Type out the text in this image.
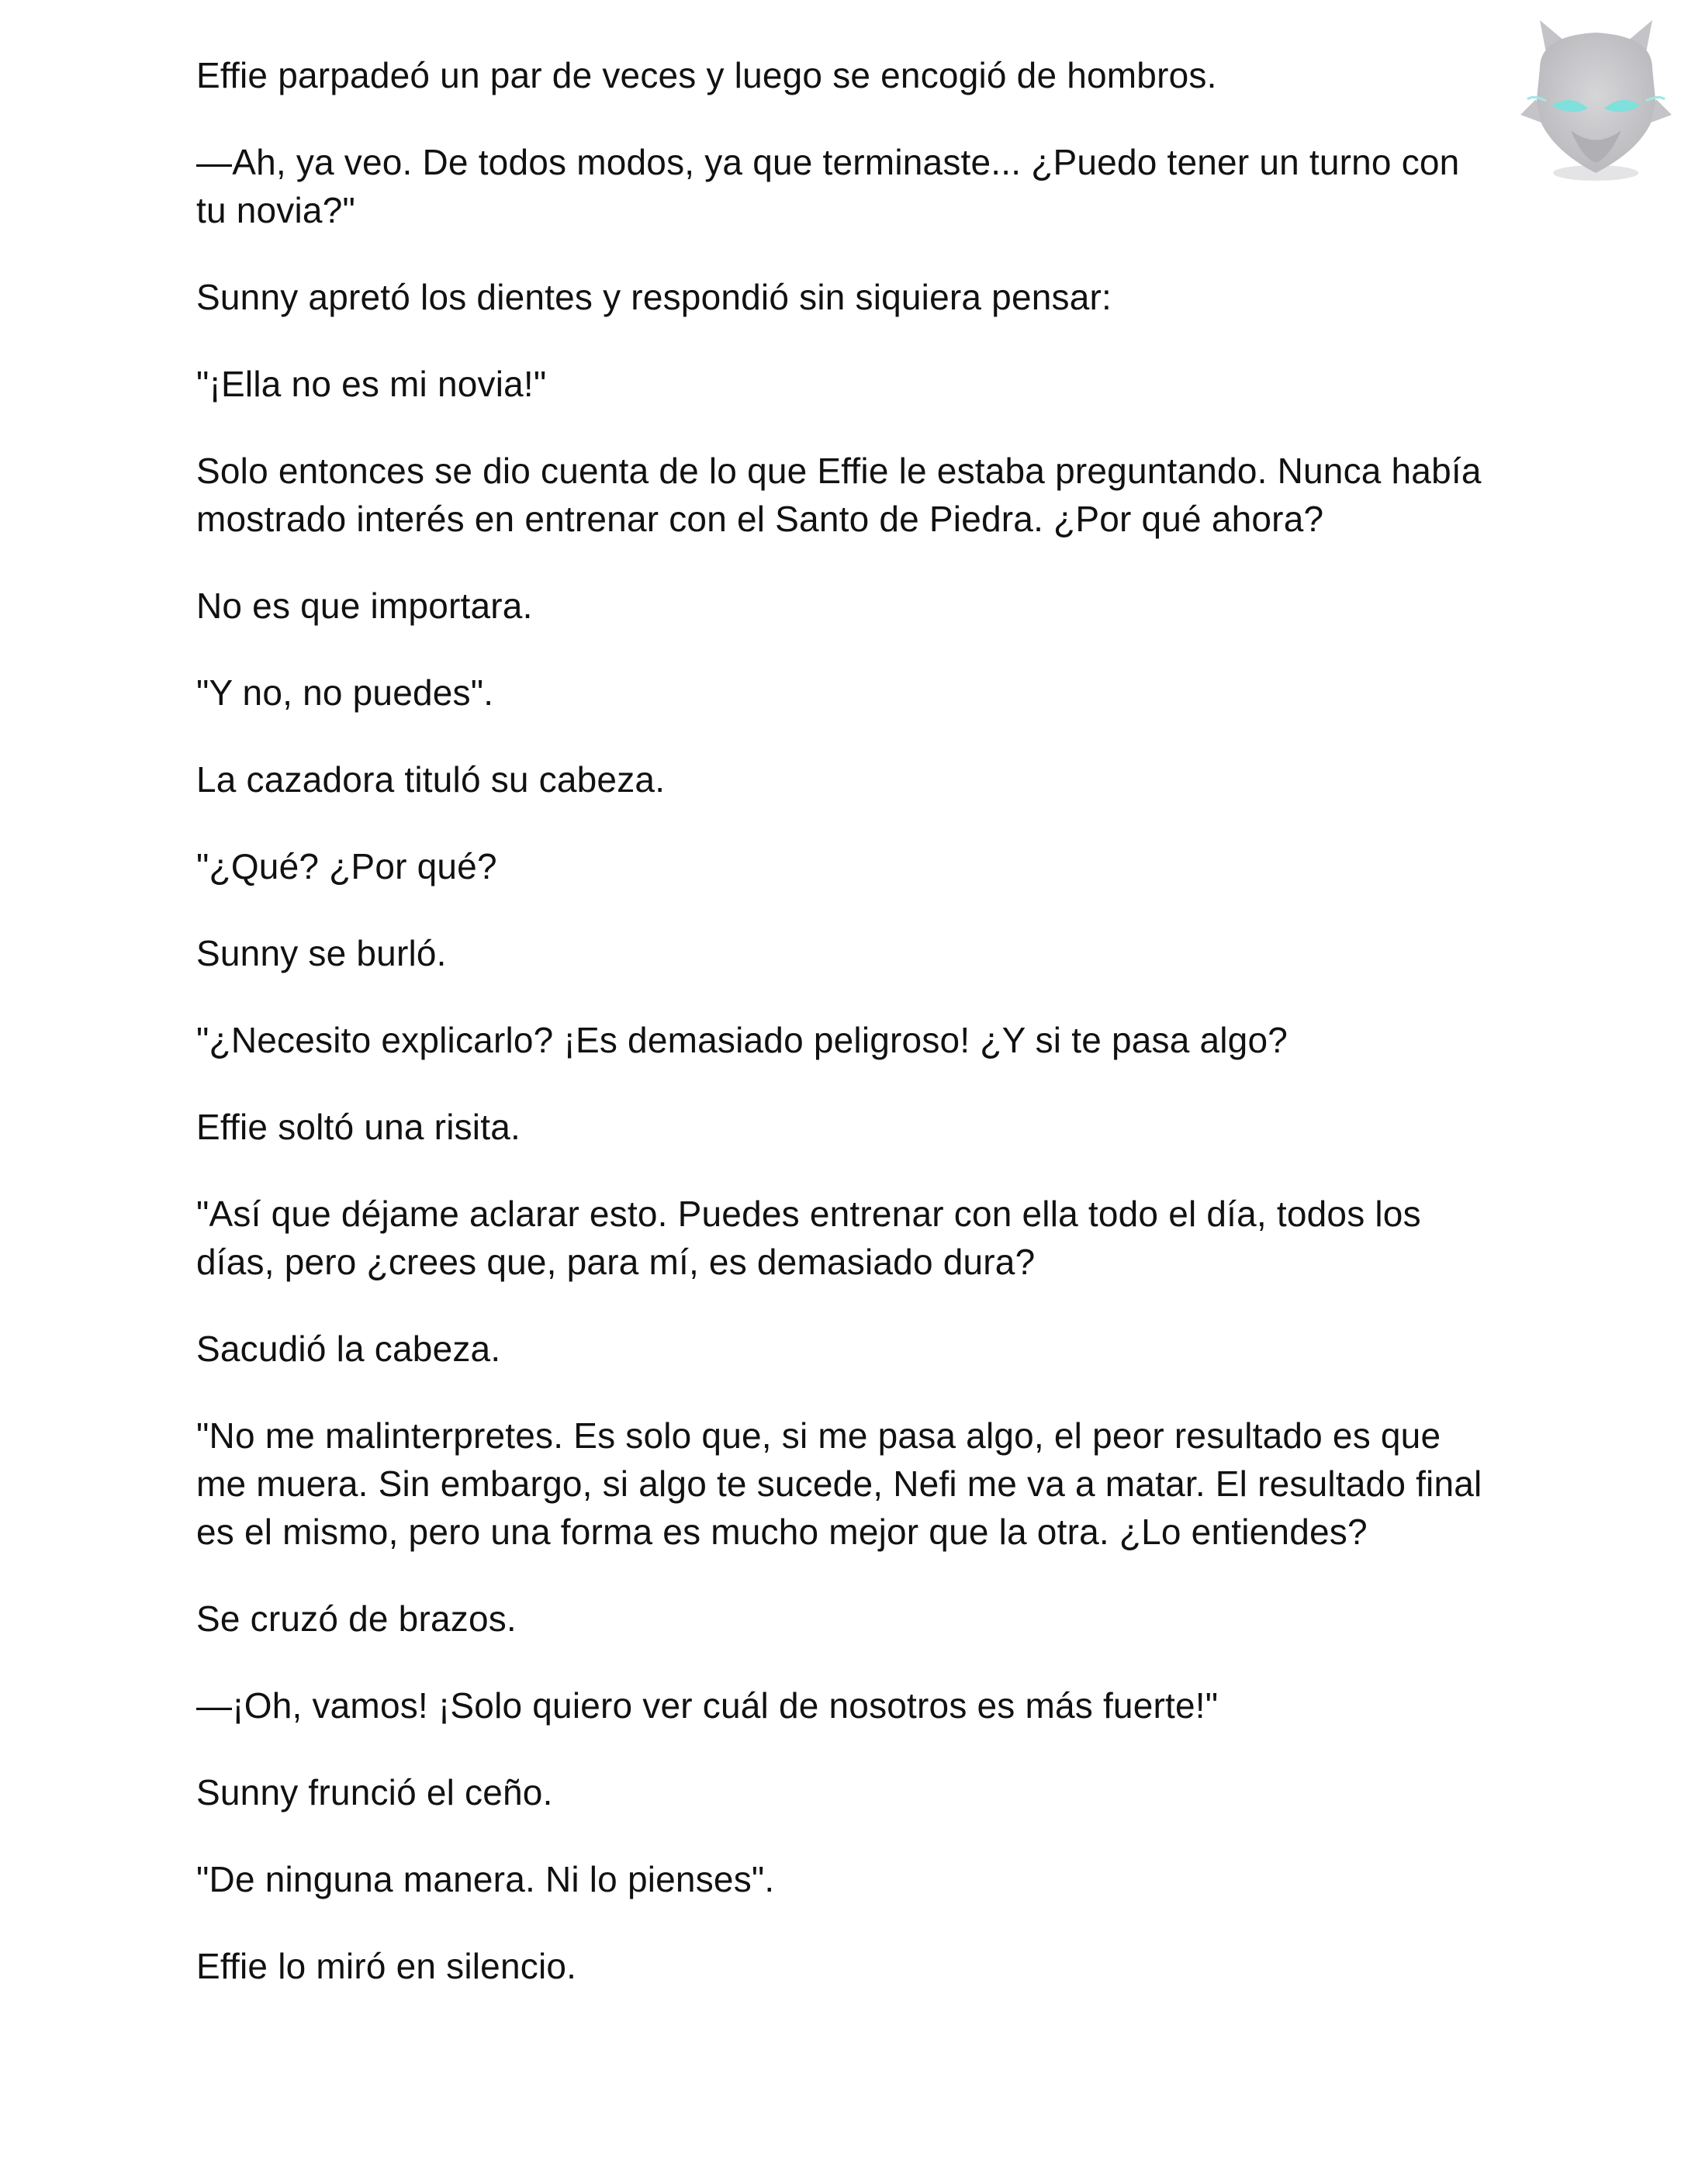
Effie parpadeó un par de veces y luego se encogió de hombros.

—Ah, ya veo. De todos modos, ya que terminaste... ¿Puedo tener un turno con tu novia?"

Sunny apretó los dientes y respondió sin siquiera pensar:

"¡Ella no es mi novia!"

Solo entonces se dio cuenta de lo que Effie le estaba preguntando. Nunca había mostrado interés en entrenar con el Santo de Piedra. ¿Por qué ahora?

No es que importara.

"Y no, no puedes".

La cazadora tituló su cabeza.

"¿Qué? ¿Por qué?

Sunny se burló.

"¿Necesito explicarlo? ¡Es demasiado peligroso! ¿Y si te pasa algo?

Effie soltó una risita.

"Así que déjame aclarar esto. Puedes entrenar con ella todo el día, todos los días, pero ¿crees que, para mí, es demasiado dura?

Sacudió la cabeza.

"No me malinterpretes. Es solo que, si me pasa algo, el peor resultado es que me muera. Sin embargo, si algo te sucede, Nefi me va a matar. El resultado final es el mismo, pero una forma es mucho mejor que la otra. ¿Lo entiendes?

Se cruzó de brazos.

—¡Oh, vamos! ¡Solo quiero ver cuál de nosotros es más fuerte!"

Sunny frunció el ceño.

"De ninguna manera. Ni lo pienses".

Effie lo miró en silencio.
